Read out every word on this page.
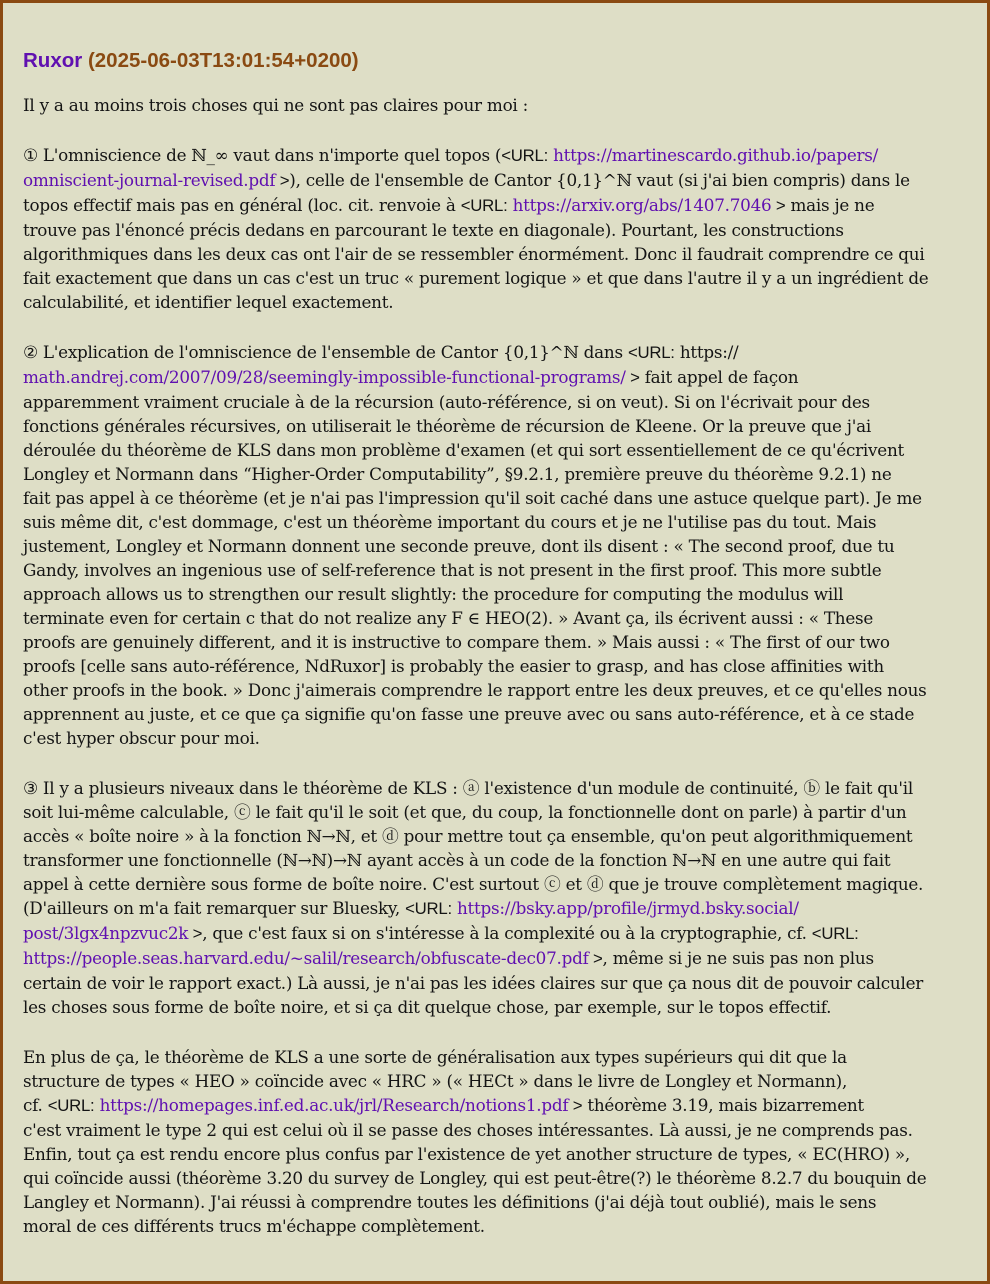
Ruxor (2025-06-03T13:01:54+0200)

Il y a au moins trois choses qui ne sont pas claires pour moi :

① L'omniscience de ℕ_∞ vaut dans n'importe quel topos (<URL: https://martinescardo.github.io/papers/
omniscient-journal-revised.pdf >), celle de l'ensemble de Cantor {0,1}^ℕ vaut (si j'ai bien compris) dans le
topos effectif mais pas en général (loc. cit. renvoie à <URL: https://arxiv.org/abs/1407.7046 > mais je ne
trouve pas l'énoncé précis dedans en parcourant le texte en diagonale). Pourtant, les constructions
algorithmiques dans les deux cas ont l'air de se ressembler énormément. Donc il faudrait comprendre ce qui
fait exactement que dans un cas c'est un truc « purement logique » et que dans l'autre il y a un ingrédient de
calculabilité, et identifier lequel exactement.

② L'explication de l'omniscience de l'ensemble de Cantor {0,1}^ℕ dans <URL: https://
math.andrej.com/2007/09/28/seemingly-impossible-functional-programs/ > fait appel de façon
apparemment vraiment cruciale à de la récursion (auto-référence, si on veut). Si on l'écrivait pour des
fonctions générales récursives, on utiliserait le théorème de récursion de Kleene. Or la preuve que j'ai
déroulée du théorème de KLS dans mon problème d'examen (et qui sort essentiellement de ce qu'écrivent
Longley et Normann dans “Higher-Order Computability”, §9.2.1, première preuve du théorème 9.2.1) ne
fait pas appel à ce théorème (et je n'ai pas l'impression qu'il soit caché dans une astuce quelque part). Je me
suis même dit, c'est dommage, c'est un théorème important du cours et je ne l'utilise pas du tout. Mais
justement, Longley et Normann donnent une seconde preuve, dont ils disent : « The second proof, due tu
Gandy, involves an ingenious use of self-reference that is not present in the first proof. This more subtle
approach allows us to strengthen our result slightly: the procedure for computing the modulus will
terminate even for certain c that do not realize any F ∈ HEO(2). » Avant ça, ils écrivent aussi : « These
proofs are genuinely different, and it is instructive to compare them. » Mais aussi : « The first of our two
proofs [celle sans auto-référence, NdRuxor] is probably the easier to grasp, and has close affinities with
other proofs in the book. » Donc j'aimerais comprendre le rapport entre les deux preuves, et ce qu'elles nous
apprennent au juste, et ce que ça signifie qu'on fasse une preuve avec ou sans auto-référence, et à ce stade
c'est hyper obscur pour moi.

③ Il y a plusieurs niveaux dans le théorème de KLS : ⓐ l'existence d'un module de continuité, ⓑ le fait qu'il
soit lui-même calculable, ⓒ le fait qu'il le soit (et que, du coup, la fonctionnelle dont on parle) à partir d'un
accès « boîte noire » à la fonction ℕ→ℕ, et ⓓ pour mettre tout ça ensemble, qu'on peut algorithmiquement
transformer une fonctionnelle (ℕ→ℕ)→ℕ ayant accès à un code de la fonction ℕ→ℕ en une autre qui fait
appel à cette dernière sous forme de boîte noire. C'est surtout ⓒ et ⓓ que je trouve complètement magique.
(D'ailleurs on m'a fait remarquer sur Bluesky, <URL: https://bsky.app/profile/jrmyd.bsky.social/
post/3lgx4npzvuc2k >, que c'est faux si on s'intéresse à la complexité ou à la cryptographie, cf. <URL:
https://people.seas.harvard.edu/~salil/research/obfuscate-dec07.pdf >, même si je ne suis pas non plus
certain de voir le rapport exact.) Là aussi, je n'ai pas les idées claires sur que ça nous dit de pouvoir calculer
les choses sous forme de boîte noire, et si ça dit quelque chose, par exemple, sur le topos effectif.

En plus de ça, le théorème de KLS a une sorte de généralisation aux types supérieurs qui dit que la
structure de types « HEO » coïncide avec « HRC » (« HECt » dans le livre de Longley et Normann),
cf. <URL: https://homepages.inf.ed.ac.uk/jrl/Research/notions1.pdf > théorème 3.19, mais bizarrement
c'est vraiment le type 2 qui est celui où il se passe des choses intéressantes. Là aussi, je ne comprends pas.
Enfin, tout ça est rendu encore plus confus par l'existence de yet another structure de types, « EC(HRO) »,
qui coïncide aussi (théorème 3.20 du survey de Longley, qui est peut-être(?) le théorème 8.2.7 du bouquin de
Langley et Normann). J'ai réussi à comprendre toutes les définitions (j'ai déjà tout oublié), mais le sens
moral de ces différents trucs m'échappe complètement.
